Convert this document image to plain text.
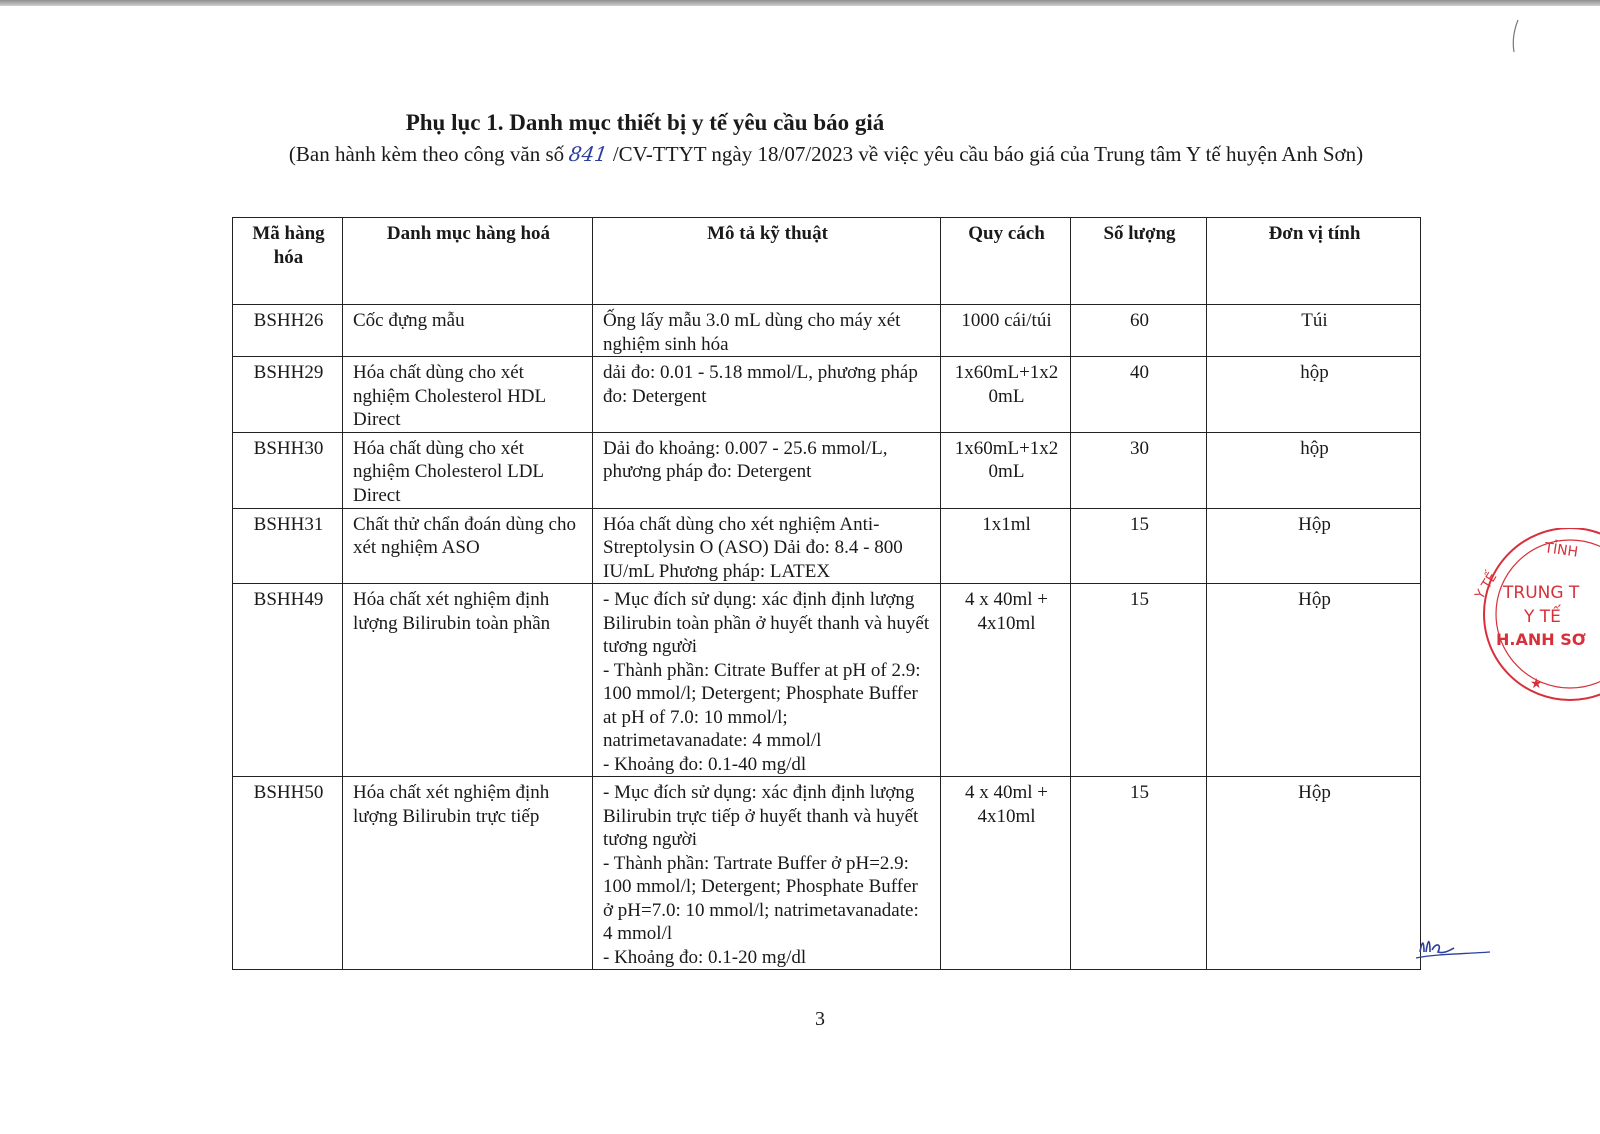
Phụ lục 1. Danh mục thiết bị y tế yêu cầu báo giá
(Ban hành kèm theo công văn số 841 /CV-TTYT ngày 18/07/2023 về việc yêu cầu báo giá của Trung tâm Y tế huyện Anh Sơn)
Mã hàng hóa	Danh mục hàng hoá	Mô tả kỹ thuật	Quy cách	Số lượng	Đơn vị tính
BSHH26	Cốc đựng mẫu	Ống lấy mẫu 3.0 mL dùng cho máy xét nghiệm sinh hóa	1000 cái/túi	60	Túi
BSHH29	Hóa chất dùng cho xét nghiệm Cholesterol HDL Direct	dải đo: 0.01 - 5.18 mmol/L, phương pháp đo: Detergent	1x60mL+1x20mL	40	hộp
BSHH30	Hóa chất dùng cho xét nghiệm Cholesterol LDL Direct	Dải đo khoảng: 0.007 - 25.6 mmol/L, phương pháp đo: Detergent	1x60mL+1x20mL	30	hộp
BSHH31	Chất thử chẩn đoán dùng cho xét nghiệm ASO	Hóa chất dùng cho xét nghiệm Anti-Streptolysin O (ASO) Dải đo: 8.4 - 800 IU/mL Phương pháp: LATEX	1x1ml	15	Hộp
BSHH49	Hóa chất xét nghiệm định lượng Bilirubin toàn phần	- Mục đích sử dụng: xác định định lượng Bilirubin toàn phần ở huyết thanh và huyết tương người
- Thành phần: Citrate Buffer at pH of 2.9: 100 mmol/l; Detergent; Phosphate Buffer at pH of 7.0: 10 mmol/l; natrimetavanadate: 4 mmol/l
- Khoảng đo: 0.1-40 mg/dl	4 x 40ml + 4x10ml	15	Hộp
BSHH50	Hóa chất xét nghiệm định lượng Bilirubin trực tiếp	- Mục đích sử dụng: xác định định lượng Bilirubin trực tiếp ở huyết thanh và huyết tương người
- Thành phần: Tartrate Buffer ở pH=2.9: 100 mmol/l; Detergent; Phosphate Buffer ở pH=7.0: 10 mmol/l; natrimetavanadate: 4 mmol/l
- Khoảng đo: 0.1-20 mg/dl	4 x 40ml + 4x10ml	15	Hộp
TỈNH
Y TẾ TRUNG T
Y TẾ
H.ANH SƠ
★
3
